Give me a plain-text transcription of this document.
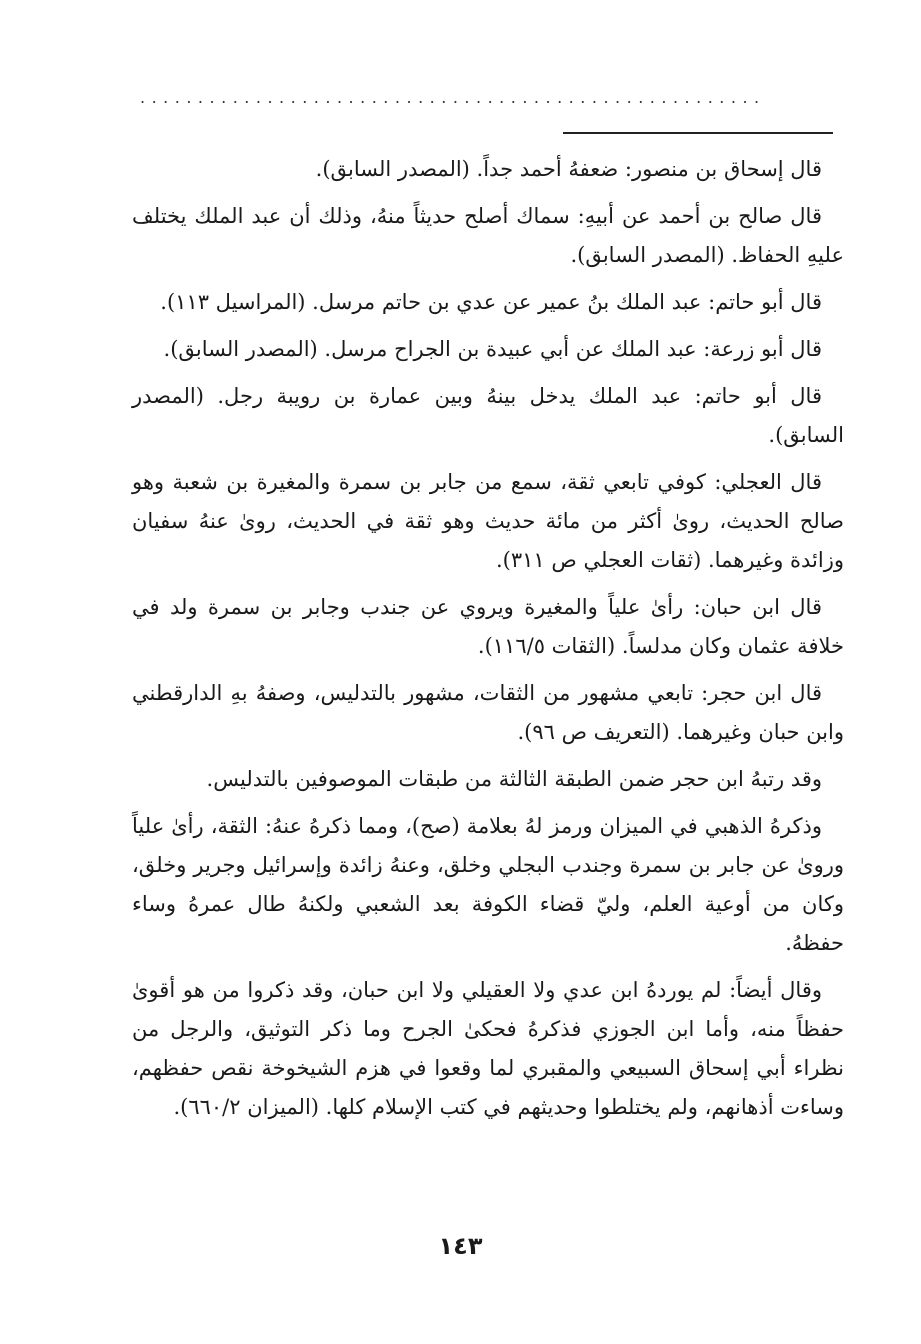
......................................................

قال إسحاق بن منصور: ضعفهُ أحمد جداً. (المصدر السابق).

قال صالح بن أحمد عن أبيهِ: سماك أصلح حديثاً منهُ، وذلك أن عبد الملك يختلف عليهِ الحفاظ. (المصدر السابق).

قال أبو حاتم: عبد الملك بنُ عمير عن عدي بن حاتم مرسل. (المراسيل ١١٣).

قال أبو زرعة: عبد الملك عن أبي عبيدة بن الجراح مرسل. (المصدر السابق).

قال أبو حاتم: عبد الملك يدخل بينهُ وبين عمارة بن رويبة رجل. (المصدر السابق).

قال العجلي: كوفي تابعي ثقة، سمع من جابر بن سمرة والمغيرة بن شعبة وهو صالح الحديث، روىٰ أكثر من مائة حديث وهو ثقة في الحديث، روىٰ عنهُ سفيان وزائدة وغيرهما. (ثقات العجلي ص ٣١١).

قال ابن حبان: رأىٰ علياً والمغيرة ويروي عن جندب وجابر بن سمرة ولد في خلافة عثمان وكان مدلساً. (الثقات ١١٦/٥).

قال ابن حجر: تابعي مشهور من الثقات، مشهور بالتدليس، وصفهُ بهِ الدارقطني وابن حبان وغيرهما. (التعريف ص ٩٦).

وقد رتبهُ ابن حجر ضمن الطبقة الثالثة من طبقات الموصوفين بالتدليس.

وذكرهُ الذهبي في الميزان ورمز لهُ بعلامة (صح)، ومما ذكرهُ عنهُ: الثقة، رأىٰ علياً وروىٰ عن جابر بن سمرة وجندب البجلي وخلق، وعنهُ زائدة وإسرائيل وجرير وخلق، وكان من أوعية العلم، وليّ قضاء الكوفة بعد الشعبي ولكنهُ طال عمرهُ وساء حفظهُ.

وقال أيضاً: لم يوردهُ ابن عدي ولا العقيلي ولا ابن حبان، وقد ذكروا من هو أقوىٰ حفظاً منه، وأما ابن الجوزي فذكرهُ فحكىٰ الجرح وما ذكر التوثيق، والرجل من نظراء أبي إسحاق السبيعي والمقبري لما وقعوا في هزم الشيخوخة نقص حفظهم، وساءت أذهانهم، ولم يختلطوا وحديثهم في كتب الإسلام كلها. (الميزان ٦٦٠/٢).

١٤٣
